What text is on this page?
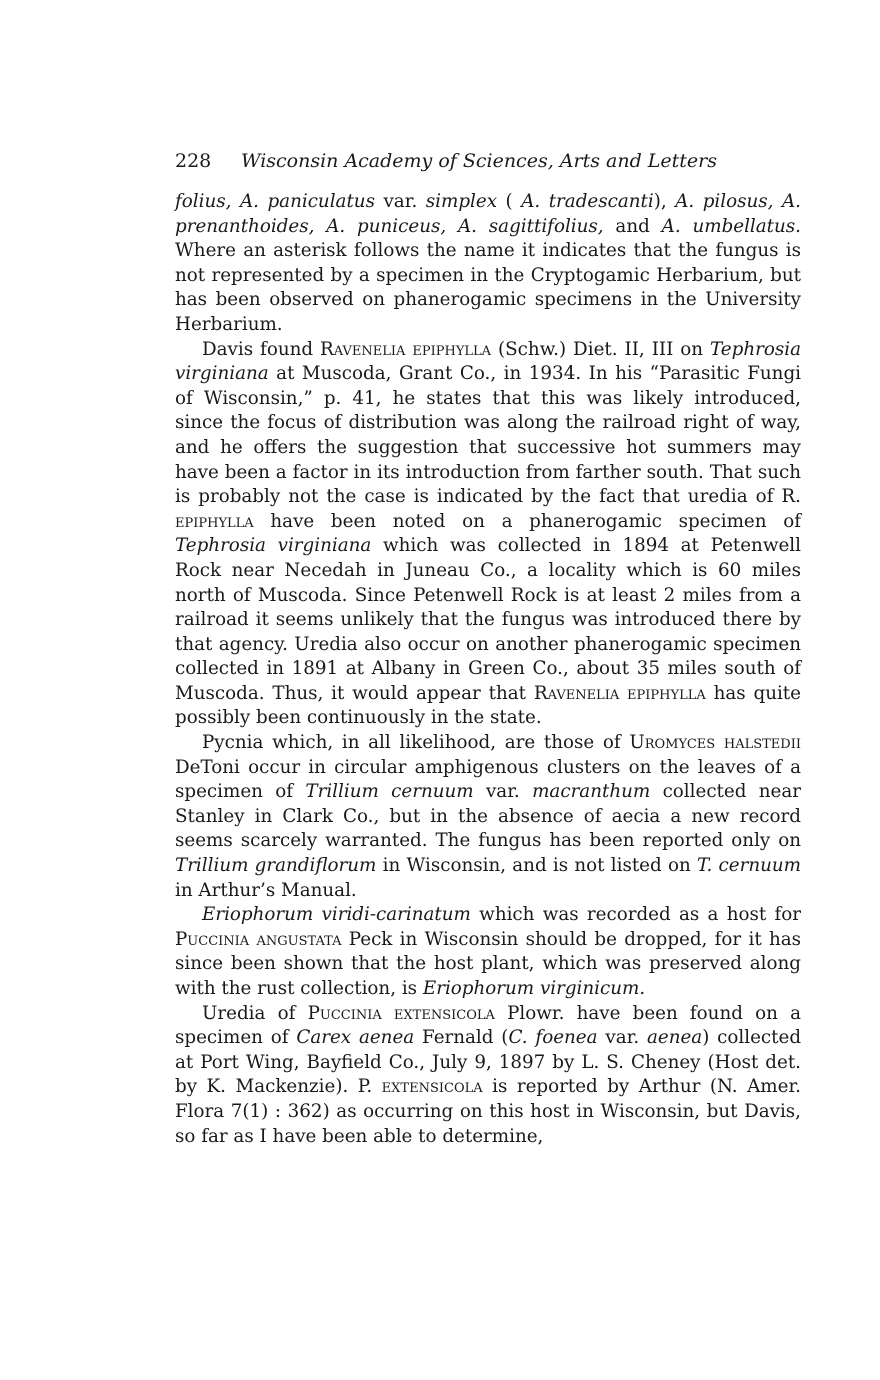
228 Wisconsin Academy of Sciences, Arts and Letters

folius, A. paniculatus var. simplex ( A. tradescanti), A. pilosus, A. prenanthoides, A. puniceus, A. sagittifolius, and A. umbellatus. Where an asterisk follows the name it indicates that the fungus is not represented by a specimen in the Cryptogamic Herbarium, but has been observed on phanerogamic specimens in the University Herbarium.

Davis found Ravenelia epiphylla (Schw.) Diet. II, III on Tephrosia virginiana at Muscoda, Grant Co., in 1934. In his “Parasitic Fungi of Wisconsin,” p. 41, he states that this was likely introduced, since the focus of distribution was along the railroad right of way, and he offers the suggestion that successive hot summers may have been a factor in its introduction from farther south. That such is probably not the case is indicated by the fact that uredia of R. epiphylla have been noted on a phanerogamic specimen of Tephrosia virginiana which was collected in 1894 at Petenwell Rock near Necedah in Juneau Co., a locality which is 60 miles north of Muscoda. Since Petenwell Rock is at least 2 miles from a railroad it seems unlikely that the fungus was introduced there by that agency. Uredia also occur on another phanerogamic specimen collected in 1891 at Albany in Green Co., about 35 miles south of Muscoda. Thus, it would appear that Ravenelia epiphylla has quite possibly been continuously in the state.

Pycnia which, in all likelihood, are those of Uromyces halstedii DeToni occur in circular amphigenous clusters on the leaves of a specimen of Trillium cernuum var. macranthum collected near Stanley in Clark Co., but in the absence of aecia a new record seems scarcely warranted. The fungus has been reported only on Trillium grandiflorum in Wisconsin, and is not listed on T. cernuum in Arthur’s Manual.

Eriophorum viridi-carinatum which was recorded as a host for Puccinia angustata Peck in Wisconsin should be dropped, for it has since been shown that the host plant, which was preserved along with the rust collection, is Eriophorum virginicum.

Uredia of Puccinia extensicola Plowr. have been found on a specimen of Carex aenea Fernald (C. foenea var. aenea) collected at Port Wing, Bayfield Co., July 9, 1897 by L. S. Cheney (Host det. by K. Mackenzie). P. extensicola is reported by Arthur (N. Amer. Flora 7(1) : 362) as occurring on this host in Wisconsin, but Davis, so far as I have been able to determine,
